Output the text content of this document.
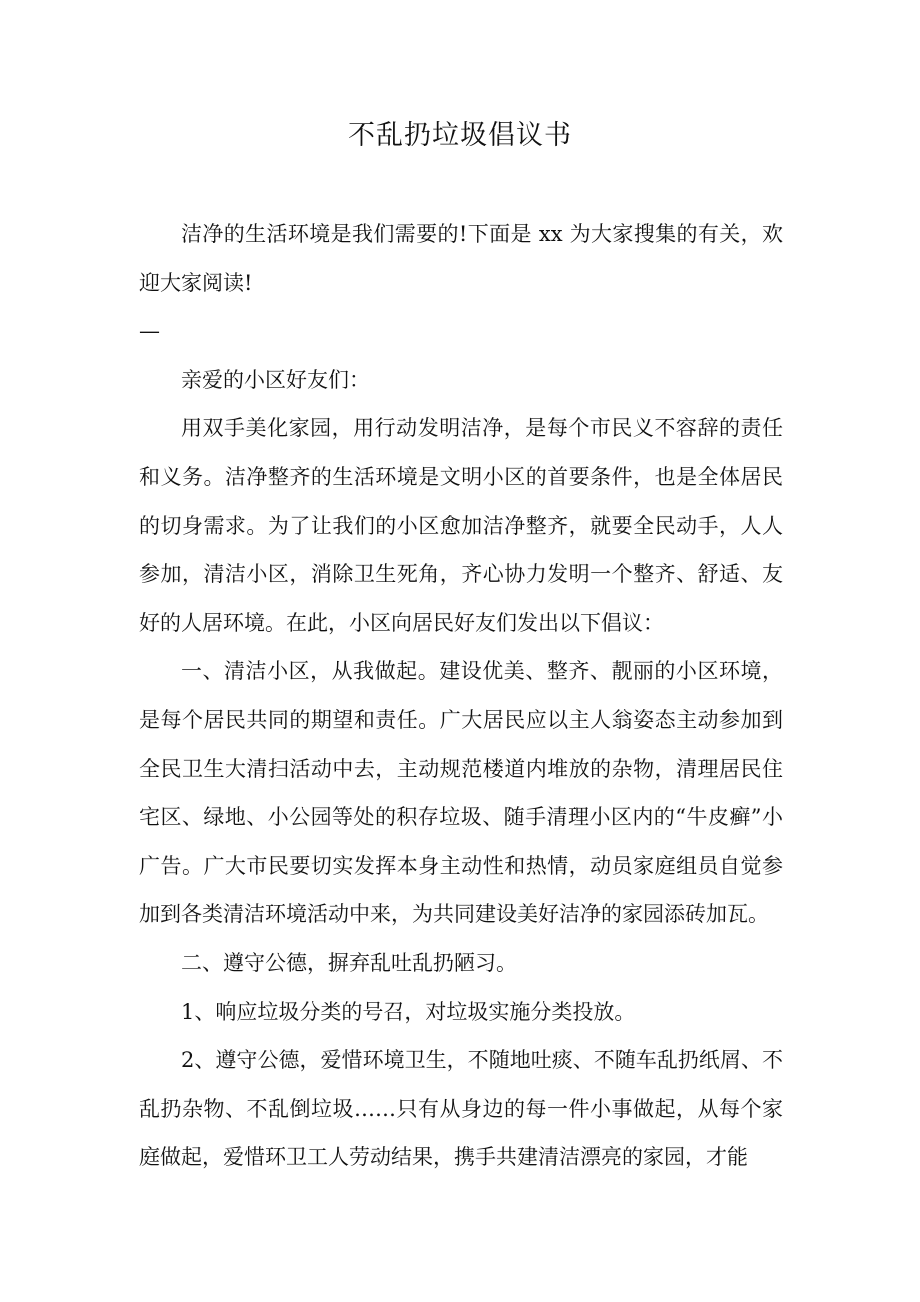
不乱扔垃圾倡议书

洁净的生活环境是我们需要的!下面是 xx 为大家搜集的有关，欢迎大家阅读!

—

亲爱的小区好友们：

用双手美化家园，用行动发明洁净，是每个市民义不容辞的责任和义务。洁净整齐的生活环境是文明小区的首要条件，也是全体居民的切身需求。为了让我们的小区愈加洁净整齐，就要全民动手，人人参加，清洁小区，消除卫生死角，齐心协力发明一个整齐、舒适、友好的人居环境。在此，小区向居民好友们发出以下倡议：

一、清洁小区，从我做起。建设优美、整齐、靓丽的小区环境，是每个居民共同的期望和责任。广大居民应以主人翁姿态主动参加到全民卫生大清扫活动中去，主动规范楼道内堆放的杂物，清理居民住宅区、绿地、小公园等处的积存垃圾、随手清理小区内的“牛皮癣”小广告。广大市民要切实发挥本身主动性和热情，动员家庭组员自觉参加到各类清洁环境活动中来，为共同建设美好洁净的家园添砖加瓦。

二、遵守公德，摒弃乱吐乱扔陋习。

1、响应垃圾分类的号召，对垃圾实施分类投放。

2、遵守公德，爱惜环境卫生，不随地吐痰、不随车乱扔纸屑、不乱扔杂物、不乱倒垃圾……只有从身边的每一件小事做起，从每个家庭做起，爱惜环卫工人劳动结果，携手共建清洁漂亮的家园，才能
